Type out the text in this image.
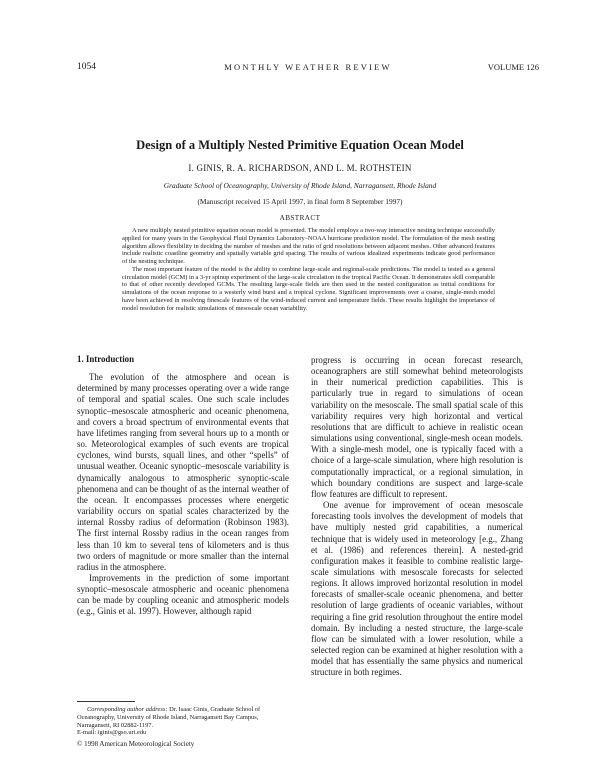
1054	MONTHLY WEATHER REVIEW	VOLUME 126
Design of a Multiply Nested Primitive Equation Ocean Model
I. GINIS, R. A. RICHARDSON, AND L. M. ROTHSTEIN
Graduate School of Oceanography, University of Rhode Island, Narragansett, Rhode Island
(Manuscript received 15 April 1997, in final form 8 September 1997)
ABSTRACT

A new multiply nested primitive equation ocean model is presented. The model employs a two-way interactive nesting technique successfully applied for many years in the Geophysical Fluid Dynamics Laboratory–NOAA hurricane prediction model. The formulation of the mesh nesting algorithm allows flexibility in deciding the number of meshes and the ratio of grid resolutions between adjacent meshes. Other advanced features include realistic coastline geometry and spatially variable grid spacing. The results of various idealized experiments indicate good performance of the nesting technique.

The most important feature of the model is the ability to combine large-scale and regional-scale predictions. The model is tested as a general circulation model (GCM) in a 3-yr spinup experiment of the large-scale circulation in the tropical Pacific Ocean. It demonstrates skill comparable to that of other recently developed GCMs. The resulting large-scale fields are then used in the nested configuration as initial conditions for simulations of the ocean response to a westerly wind burst and a tropical cyclone. Significant improvements over a coarse, single-mesh model have been achieved in resolving finescale features of the wind-induced current and temperature fields. These results highlight the importance of model resolution for realistic simulations of mesoscale ocean variability.

1. Introduction

The evolution of the atmosphere and ocean is determined by many processes operating over a wide range of temporal and spatial scales. One such scale includes synoptic–mesoscale atmospheric and oceanic phenomena, and covers a broad spectrum of environmental events that have lifetimes ranging from several hours up to a month or so. Meteorological examples of such events are tropical cyclones, wind bursts, squall lines, and other “spells” of unusual weather. Oceanic synoptic–mesoscale variability is dynamically analogous to atmospheric synoptic-scale phenomena and can be thought of as the internal weather of the ocean. It encompasses processes where energetic variability occurs on spatial scales characterized by the internal Rossby radius of deformation (Robinson 1983). The first internal Rossby radius in the ocean ranges from less than 10 km to several tens of kilometers and is thus two orders of magnitude or more smaller than the internal radius in the atmosphere.

Improvements in the prediction of some important synoptic–mesoscale atmospheric and oceanic phenomena can be made by coupling oceanic and atmospheric models (e.g., Ginis et al. 1997). However, although rapid

progress is occurring in ocean forecast research, oceanographers are still somewhat behind meteorologists in their numerical prediction capabilities. This is particularly true in regard to simulations of ocean variability on the mesoscale. The small spatial scale of this variability requires very high horizontal and vertical resolutions that are difficult to achieve in realistic ocean simulations using conventional, single-mesh ocean models. With a single-mesh model, one is typically faced with a choice of a large-scale simulation, where high resolution is computationally impractical, or a regional simulation, in which boundary conditions are suspect and large-scale flow features are difficult to represent.

One avenue for improvement of ocean mesoscale forecasting tools involves the development of models that have multiply nested grid capabilities, a numerical technique that is widely used in meteorology [e.g., Zhang et al. (1986) and references therein]. A nested-grid configuration makes it feasible to combine realistic large-scale simulations with mesoscale forecasts for selected regions. It allows improved horizontal resolution in model forecasts of smaller-scale oceanic phenomena, and better resolution of large gradients of oceanic variables, without requiring a fine grid resolution throughout the entire model domain. By including a nested structure, the large-scale flow can be simulated with a lower resolution, while a selected region can be examined at higher resolution with a model that has essentially the same physics and numerical structure in both regimes.

Corresponding author address: Dr. Isaac Ginis, Graduate School of Oceanography, University of Rhode Island, Narragansett Bay Campus, Narragansett, RI 02882-1197.

E-mail: iginis@gso.uri.edu

© 1998 American Meteorological Society
